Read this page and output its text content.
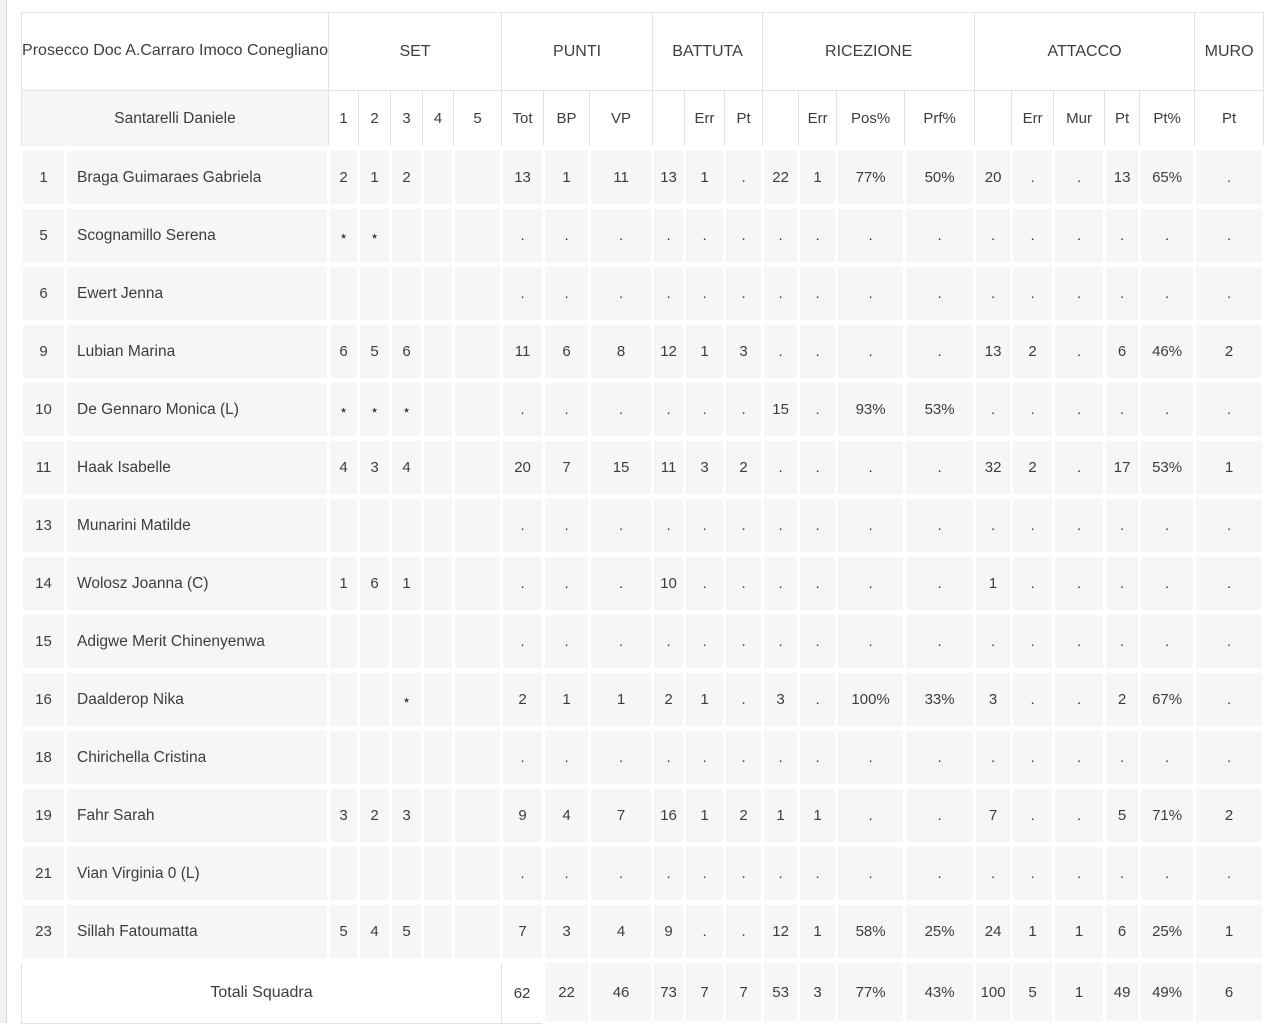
Prosecco Doc A.Carraro Imoco Conegliano		SET					PUNTI			BATTUTA			RICEZIONE				ATTACCO					MURO
Santarelli Daniele		1	2	3	4	5	Tot	BP	VP		Err	Pt		Err	Pos%	Prf%		Err	Mur	Pt	Pt%	Pt
1	Braga Guimaraes Gabriela	2	1	2			13	1	11	13	1	.	22	1	77%	50%	20	.	.	13	65%	.
5	Scognamillo Serena	⋆	⋆				.	.	.	.	.	.	.	.	.	.	.	.	.	.	.	.
6	Ewert Jenna						.	.	.	.	.	.	.	.	.	.	.	.	.	.	.	.
9	Lubian Marina	6	5	6			11	6	8	12	1	3	.	.	.	.	13	2	.	6	46%	2
10	De Gennaro Monica (L)	⋆	⋆	⋆			.	.	.	.	.	.	15	.	93%	53%	.	.	.	.	.	.
11	Haak Isabelle	4	3	4			20	7	15	11	3	2	.	.	.	.	32	2	.	17	53%	1
13	Munarini Matilde						.	.	.	.	.	.	.	.	.	.	.	.	.	.	.	.
14	Wolosz Joanna (C)	1	6	1			.	.	.	10	.	.	.	.	.	.	1	.	.	.	.	.
15	Adigwe Merit Chinenyenwa						.	.	.	.	.	.	.	.	.	.	.	.	.	.	.	.
16	Daalderop Nika			⋆			2	1	1	2	1	.	3	.	100%	33%	3	.	.	2	67%	.
18	Chirichella Cristina						.	.	.	.	.	.	.	.	.	.	.	.	.	.	.	.
19	Fahr Sarah	3	2	3			9	4	7	16	1	2	1	1	.	.	7	.	.	5	71%	2
21	Vian Virginia 0 (L)						.	.	.	.	.	.	.	.	.	.	.	.	.	.	.	.
23	Sillah Fatoumatta	5	4	5			7	3	4	9	.	.	12	1	58%	25%	24	1	1	6	25%	1
Totali Squadra							62	22	46	73	7	7	53	3	77%	43%	100	5	1	49	49%	6
